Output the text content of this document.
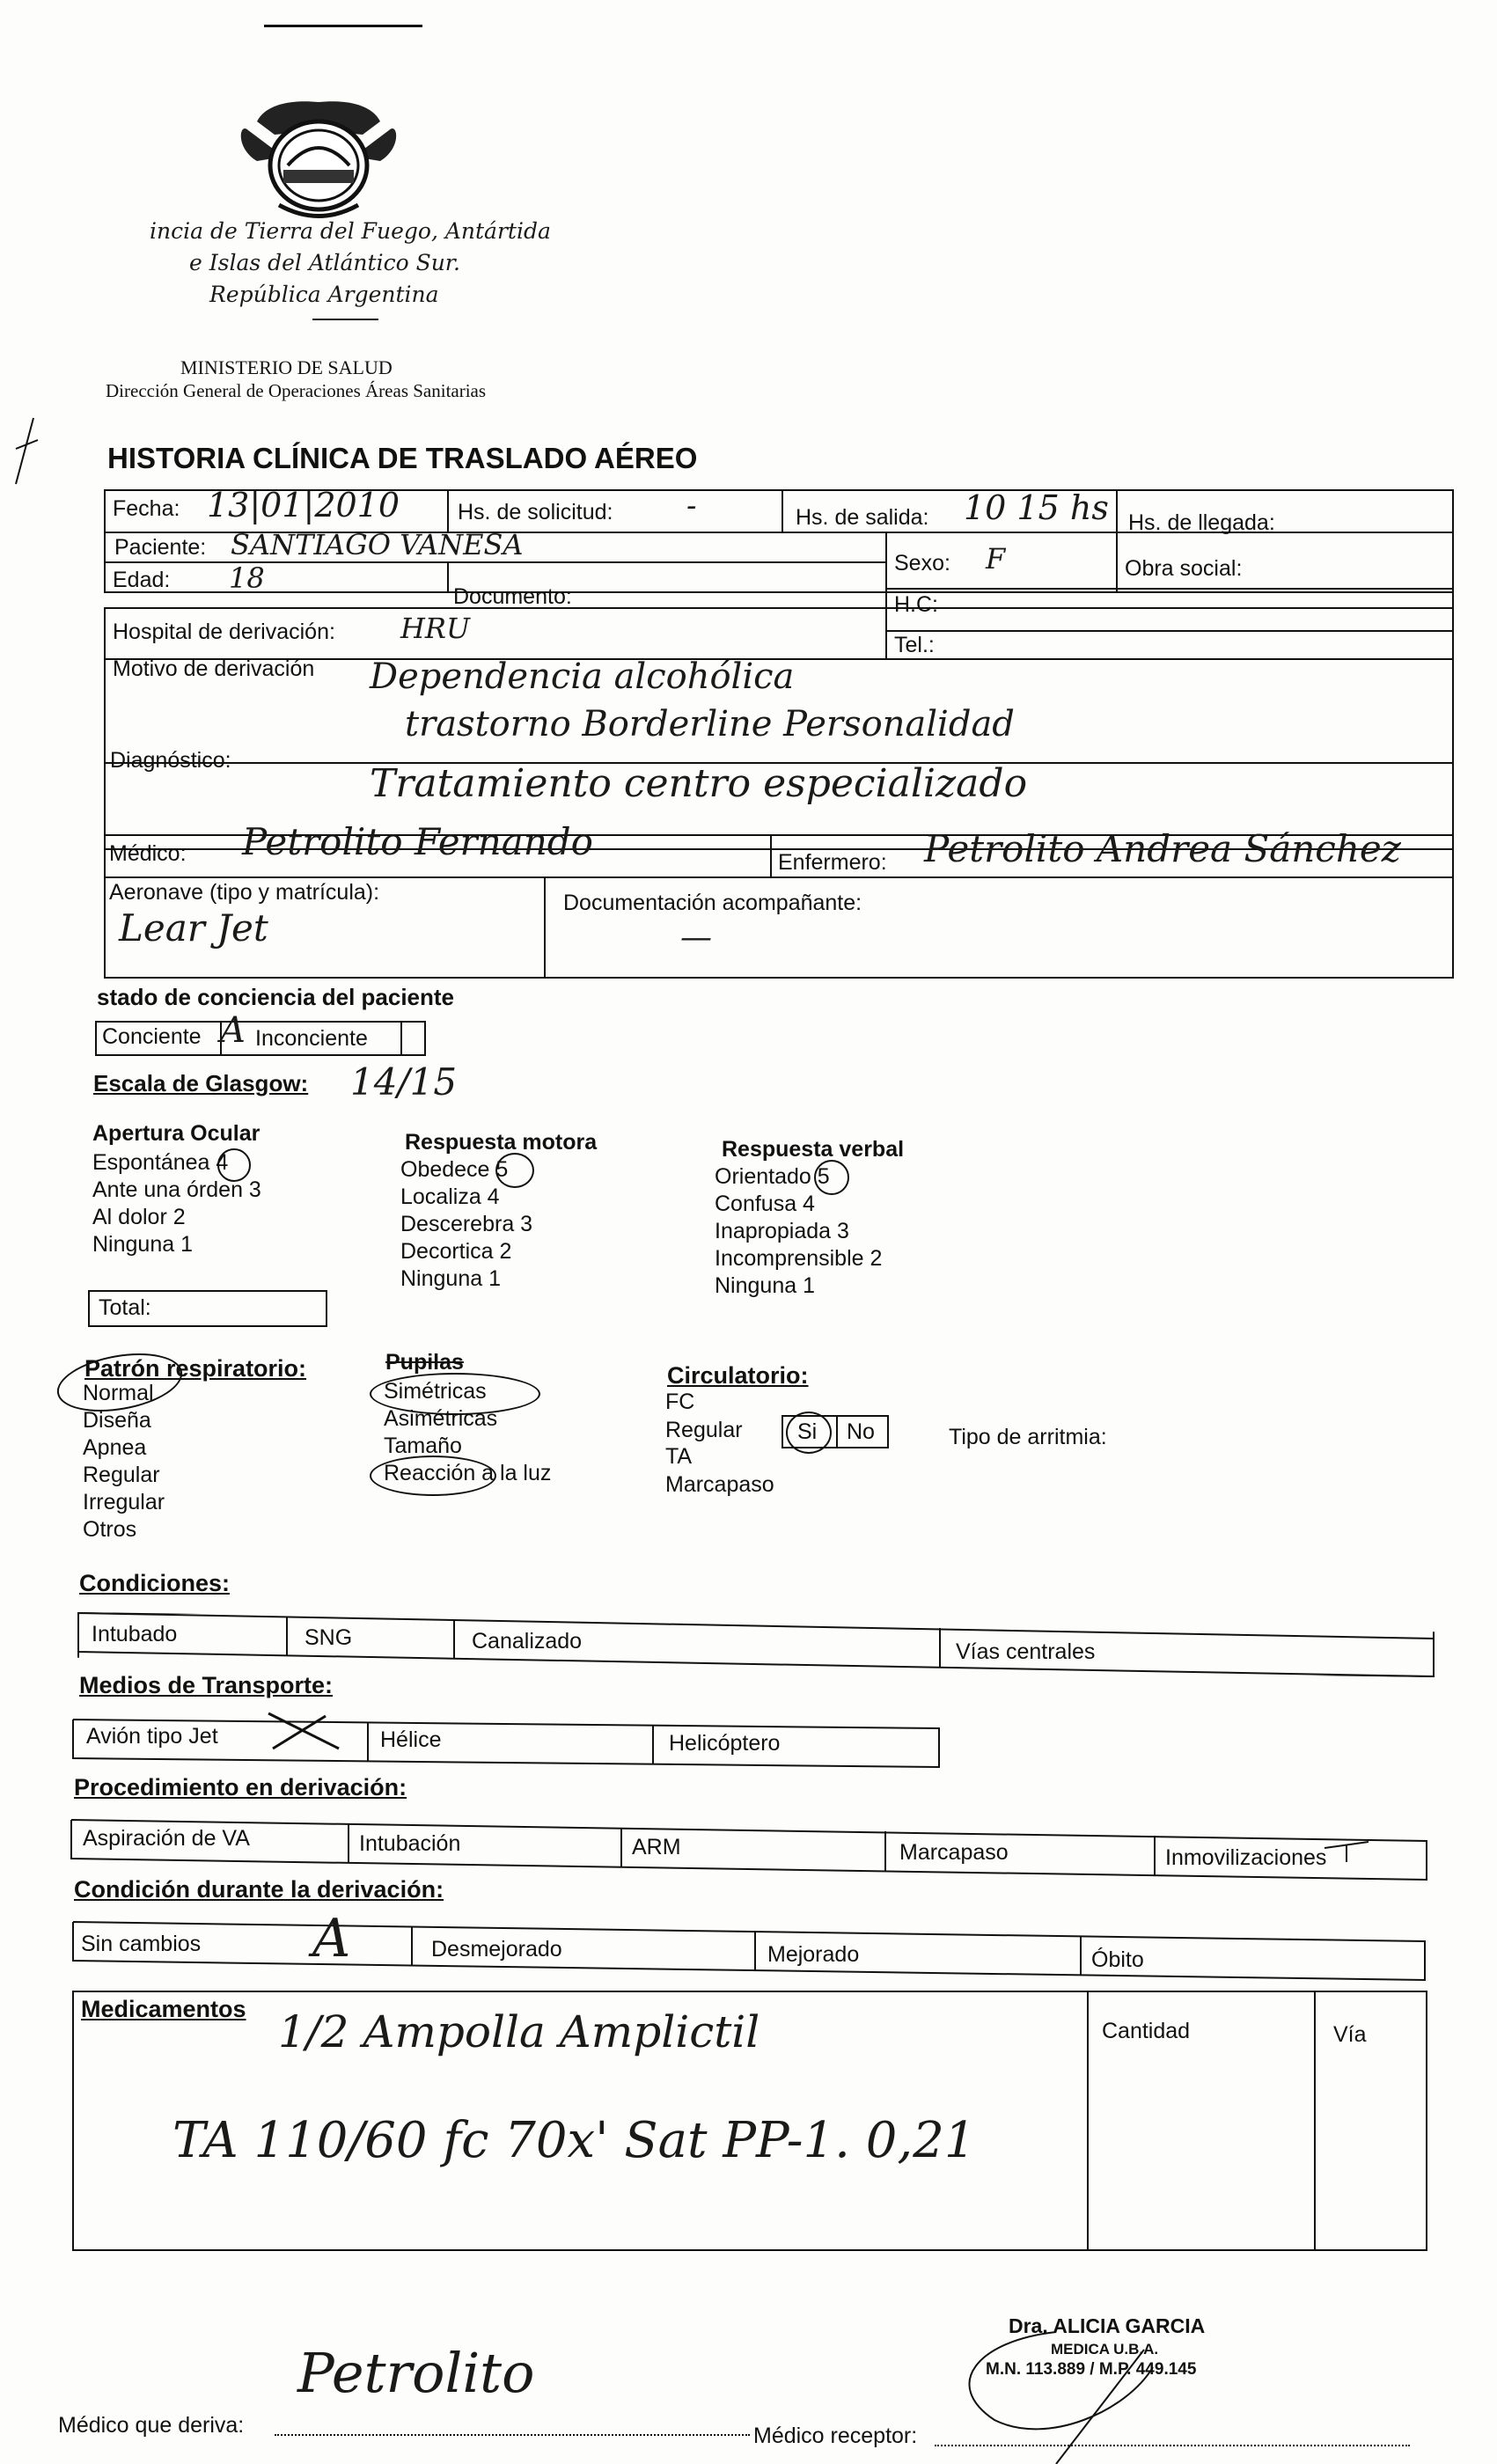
incia de Tierra del Fuego, Antártida
e Islas del Atlántico Sur.
República Argentina
MINISTERIO DE SALUD
Dirección General de Operaciones Áreas Sanitarias
HISTORIA CLÍNICA DE TRASLADO AÉREO
Fecha: 13|01|2010	Hs. de solicitud: -	Hs. de salida: 10 15 hs Hs. de llegada:
Paciente: SANTIAGO VANESA
Sexo: F	Obra social:
Edad: 18
Documento:	H.C:
Hospital de derivación: HRU	Tel.:
Motivo de derivación Dependencia alcohólica
trastorno Borderline Personalidad
Diagnóstico:
Tratamiento centro especializado
Médico: Petrolito Fernando	Enfermero: Petrolito Andrea Sánchez
Aeronave (tipo y matrícula):
Lear Jet
Documentación acompañante:
—
stado de conciencia del paciente
Conciente A Inconciente
Escala de Glasgow: 14/15
Apertura Ocular
Espontánea 4
Ante una órden 3
Al dolor 2
Ninguna 1
Respuesta motora
Obedece 5
Localiza 4
Descerebra 3
Decortica 2
Ninguna 1
Respuesta verbal
Orientado 5
Confusa 4
Inapropiada 3
Incomprensible 2
Ninguna 1
Total:
Patrón respiratorio:
Normal
Diseña
Apnea
Regular
Irregular
Otros
Pupilas
Simétricas
Asimétricas
Tamaño
Reacción a la luz
Circulatorio:
FC
Regular Si No
TA
Marcapaso
Tipo de arritmia:
Condiciones:
Intubado	SNG	Canalizado	Vías centrales
Medios de Transporte:
Avión tipo Jet	Hélice	Helicóptero
Procedimiento en derivación:
Aspiración de VA	Intubación	ARM	Marcapaso	Inmovilizaciones
Condición durante la derivación:
Sin cambios A	Desmejorado	Mejorado	Óbito
Medicamentos
Cantidad	Vía
1/2 Ampolla Amplictil
TA 110/60 fc 70x' Sat PP-1. 0,21
Médico que deriva:
Petrolito
Médico receptor:
Dra. ALICIA GARCIA
MEDICA U.B.A.
M.N. 113.889 / M.P. 449.145
